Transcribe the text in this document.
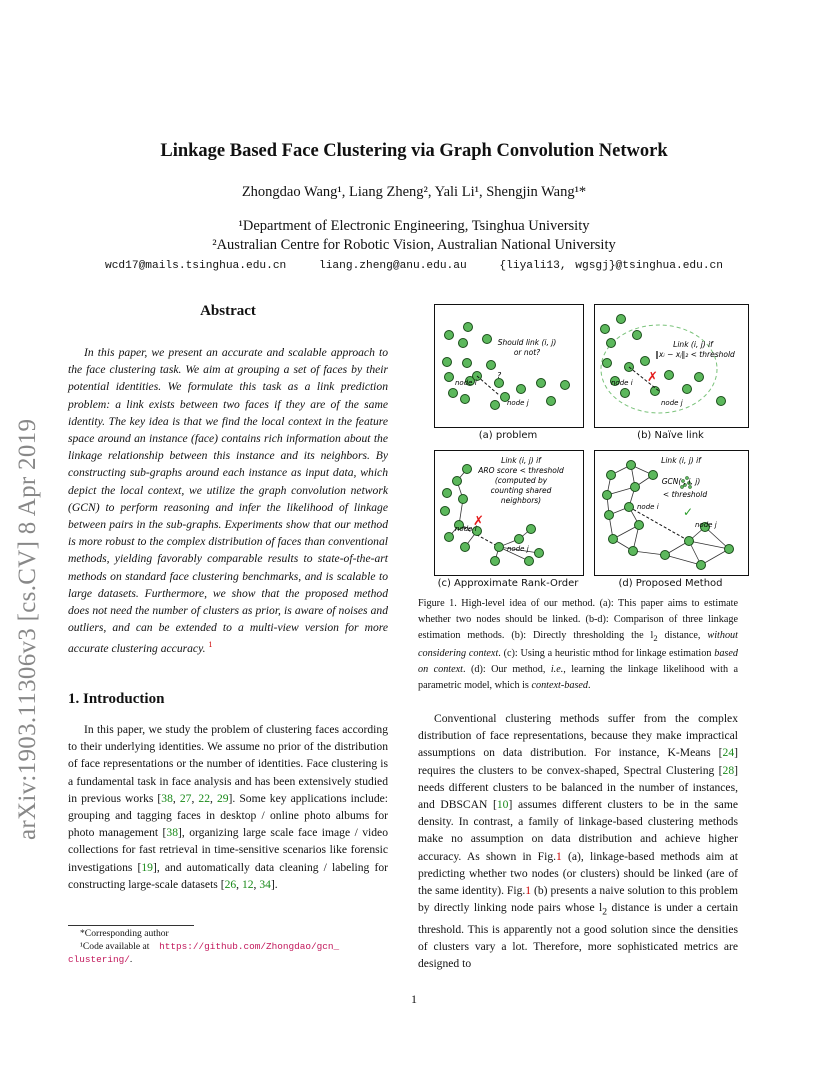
Linkage Based Face Clustering via Graph Convolution Network
Zhongdao Wang¹, Liang Zheng², Yali Li¹, Shengjin Wang¹*
¹Department of Electronic Engineering, Tsinghua University
²Australian Centre for Robotic Vision, Australian National University
wcd17@mails.tsinghua.edu.cn	liang.zheng@anu.edu.au	{liyali13, wgsgj}@tsinghua.edu.cn
arXiv:1903.11306v3 [cs.CV] 8 Apr 2019
Abstract
In this paper, we present an accurate and scalable approach to the face clustering task. We aim at grouping a set of faces by their potential identities. We formulate this task as a link prediction problem: a link exists between two faces if they are of the same identity. The key idea is that we find the local context in the feature space around an instance (face) contains rich information about the linkage relationship between this instance and its neighbors. By constructing sub-graphs around each instance as input data, which depict the local context, we utilize the graph convolution network (GCN) to perform reasoning and infer the likelihood of linkage between pairs in the sub-graphs. Experiments show that our method is more robust to the complex distribution of faces than conventional methods, yielding favorably comparable results to state-of-the-art methods on standard face clustering benchmarks, and is scalable to large datasets. Furthermore, we show that the proposed method does not need the number of clusters as prior, is aware of noises and outliers, and can be extended to a multi-view version for more accurate clustering accuracy. $^1$
1. Introduction
In this paper, we study the problem of clustering faces according to their underlying identities. We assume no prior of the distribution of face representations or the number of identities. Face clustering is a fundamental task in face analysis and has been extensively studied in previous works [38, 27, 22, 29]. Some key applications include: grouping and tagging faces in desktop / online photo albums for photo management [38], organizing large scale face image / video collections for fast retrieval in time-sensitive scenarios like forensic investigations [19], and automatically data cleaning / labeling for constructing large-scale datasets [26, 12, 34].
*Corresponding author
¹Code available at https://github.com/Zhongdao/gcn_
clustering/.
Should link (i, j)
or not?
node i
node j
?
(a) problem
✗
Link (i, j) if
‖xᵢ − xⱼ‖₂ < threshold
node i
node j
(b) Naïve link
✗
Link (i, j) if
ARO score < threshold
(computed by
counting shared
neighbors)
node i
node j
(c) Approximate Rank-Order
✓
Link (i, j) if
GCN( , i, j)
< threshold
node i
node j
(d) Proposed Method
Figure 1. High-level idea of our method. (a): This paper aims to estimate whether two nodes should be linked. (b-d): Comparison of three linkage estimation methods. (b): Directly thresholding the $l_2$ distance, without considering context. (c): Using a heuristic mthod for linkage estimation based on context. (d): Our method, i.e., learning the linkage likelihood with a parametric model, which is context-based.
Conventional clustering methods suffer from the complex distribution of face representations, because they make impractical assumptions on data distribution. For instance, K-Means [24] requires the clusters to be convex-shaped, Spectral Clustering [28] needs different clusters to be balanced in the number of instances, and DBSCAN [10] assumes different clusters to be in the same density. In contrast, a family of linkage-based clustering methods make no assumption on data distribution and achieve higher accuracy. As shown in Fig.1 (a), linkage-based methods aim at predicting whether two nodes (or clusters) should be linked (are of the same identity). Fig.1 (b) presents a naive solution to this problem by directly linking node pairs whose $l_2$ distance is under a certain threshold. This is apparently not a good solution since the densities of clusters vary a lot. Therefore, more sophisticated metrics are designed to
1
